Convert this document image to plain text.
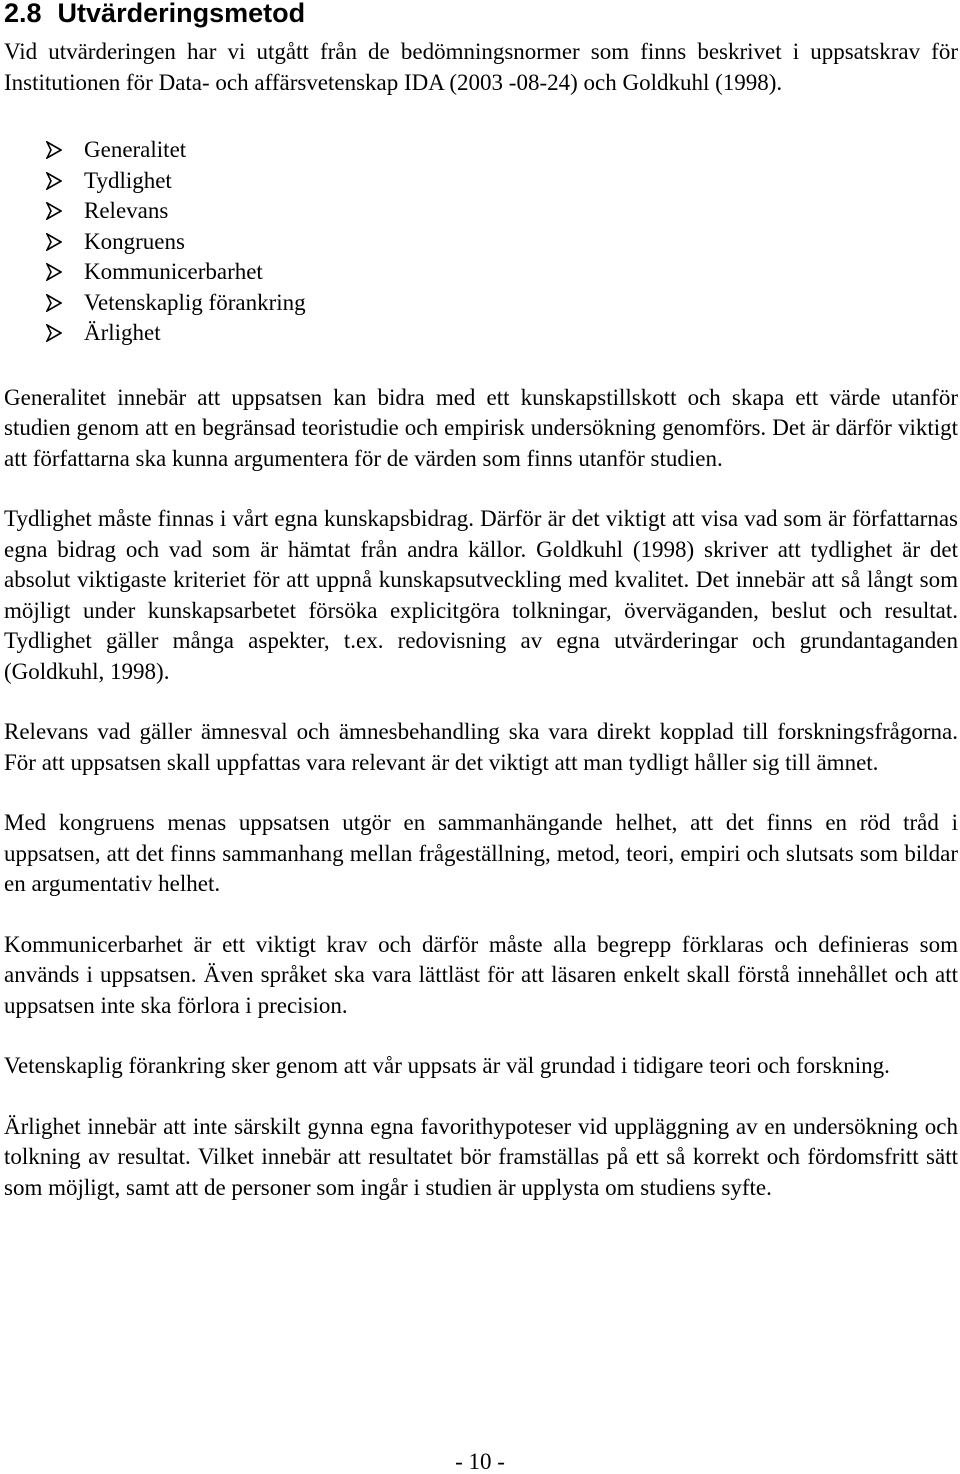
2.8 Utvärderingsmetod

Vid utvärderingen har vi utgått från de bedömningsnormer som finns beskrivet i uppsatskrav för Institutionen för Data- och affärsvetenskap IDA (2003 -08-24) och Goldkuhl (1998).

Generalitet
Tydlighet
Relevans
Kongruens
Kommunicerbarhet
Vetenskaplig förankring
Ärlighet

Generalitet innebär att uppsatsen kan bidra med ett kunskapstillskott och skapa ett värde utanför studien genom att en begränsad teoristudie och empirisk undersökning genomförs. Det är därför viktigt att författarna ska kunna argumentera för de värden som finns utanför studien.

Tydlighet måste finnas i vårt egna kunskapsbidrag. Därför är det viktigt att visa vad som är författarnas egna bidrag och vad som är hämtat från andra källor. Goldkuhl (1998) skriver att tydlighet är det absolut viktigaste kriteriet för att uppnå kunskapsutveckling med kvalitet. Det innebär att så långt som möjligt under kunskapsarbetet försöka explicitgöra tolkningar, överväganden, beslut och resultat. Tydlighet gäller många aspekter, t.ex. redovisning av egna utvärderingar och grundantaganden (Goldkuhl, 1998).

Relevans vad gäller ämnesval och ämnesbehandling ska vara direkt kopplad till forskningsfrågorna. För att uppsatsen skall uppfattas vara relevant är det viktigt att man tydligt håller sig till ämnet.

Med kongruens menas uppsatsen utgör en sammanhängande helhet, att det finns en röd tråd i uppsatsen, att det finns sammanhang mellan frågeställning, metod, teori, empiri och slutsats som bildar en argumentativ helhet.

Kommunicerbarhet är ett viktigt krav och därför måste alla begrepp förklaras och definieras som används i uppsatsen. Även språket ska vara lättläst för att läsaren enkelt skall förstå innehållet och att uppsatsen inte ska förlora i precision.

Vetenskaplig förankring sker genom att vår uppsats är väl grundad i tidigare teori och forskning.

Ärlighet innebär att inte särskilt gynna egna favorithypoteser vid uppläggning av en undersökning och tolkning av resultat. Vilket innebär att resultatet bör framställas på ett så korrekt och fördomsfritt sätt som möjligt, samt att de personer som ingår i studien är upplysta om studiens syfte.

- 10 -
